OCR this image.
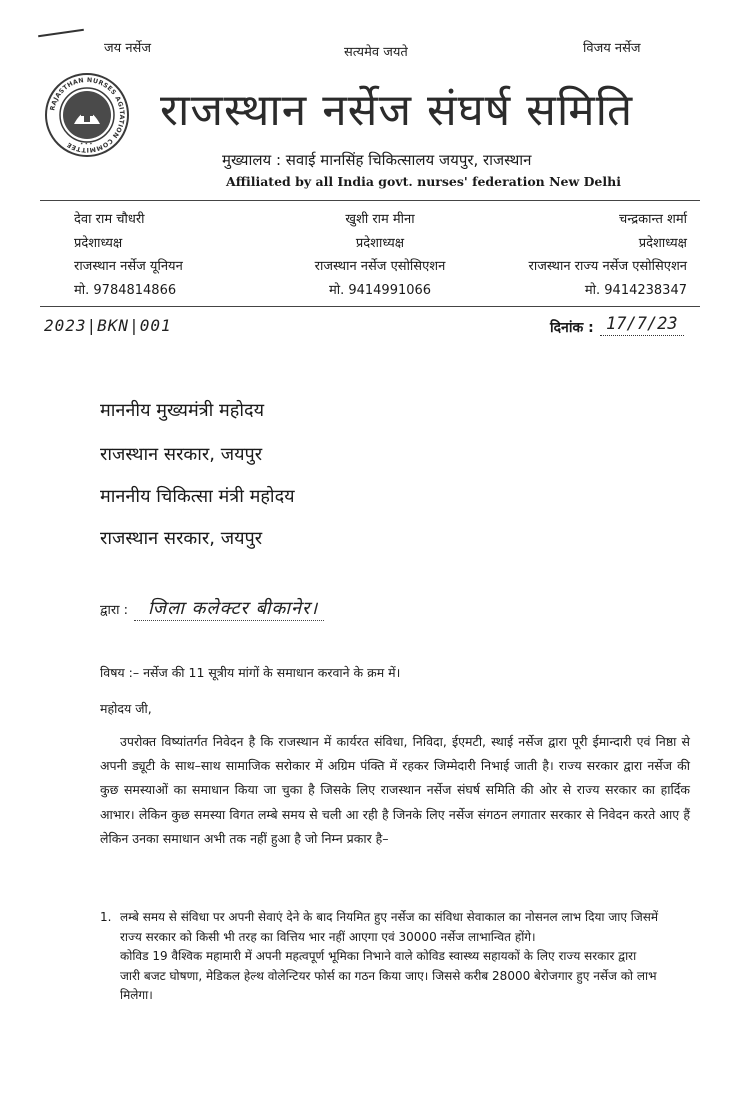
जय नर्सेज	सत्यमेव जयते	विजय नर्सेज
RAJASTHAN NURSES AGITATION COMMITTEE	✶ ✶ ✶
राजस्थान नर्सेज संघर्ष समिति
मुख्यालय : सवाई मानसिंह चिकित्सालय जयपुर, राजस्थान
Affiliated by all India govt. nurses' federation New Delhi
देवा राम चौधरी
प्रदेशाध्यक्ष
राजस्थान नर्सेज यूनियन
मो. 9784814866
खुशी राम मीना
प्रदेशाध्यक्ष
राजस्थान नर्सेज एसोसिएशन
मो. 9414991066
चन्द्रकान्त शर्मा
प्रदेशाध्यक्ष
राजस्थान राज्य नर्सेज एसोसिएशन
मो. 9414238347
2023|BKN|001	दिनांक : 17/7/23
माननीय मुख्यमंत्री महोदय
राजस्थान सरकार, जयपुर
माननीय चिकित्सा मंत्री महोदय
राजस्थान सरकार, जयपुर
द्वारा :	जिला कलेक्टर बीकानेर।
विषय :– नर्सेज की 11 सूत्रीय मांगों के समाधान करवाने के क्रम में।
महोदय जी,
उपरोक्त विष्यांतर्गत निवेदन है कि राजस्थान में कार्यरत संविधा, निविदा, ईएमटी, स्थाई नर्सेज द्वारा पूरी ईमान्दारी एवं निष्ठा से अपनी ड्यूटी के साथ–साथ सामाजिक सरोकार में अग्रिम पंक्ति में रहकर जिम्मेदारी निभाई जाती है। राज्य सरकार द्वारा नर्सेज की कुछ समस्याओं का समाधान किया जा चुका है जिसके लिए राजस्थान नर्सेज संघर्ष समिति की ओर से राज्य सरकार का हार्दिक आभार। लेकिन कुछ समस्या विगत लम्बे समय से चली आ रही है जिनके लिए नर्सेज संगठन लगातार सरकार से निवेदन करते आए हैं लेकिन उनका समाधान अभी तक नहीं हुआ है जो निम्न प्रकार है–
1. लम्बे समय से संविधा पर अपनी सेवाएं देने के बाद नियमित हुए नर्सेज का संविधा सेवाकाल का नोसनल लाभ दिया जाए जिसमें राज्य सरकार को किसी भी तरह का वित्तिय भार नहीं आएगा एवं 30000 नर्सेज लाभान्वित होंगे।

कोविड 19 वैश्विक महामारी में अपनी महत्वपूर्ण भूमिका निभाने वाले कोविड स्वास्थ्य सहायकों के लिए राज्य सरकार द्वारा जारी बजट घोषणा, मेडिकल हेल्थ वोलेन्टियर फोर्स का गठन किया जाए। जिससे करीब 28000 बेरोजगार हुए नर्सेज को लाभ मिलेगा।
